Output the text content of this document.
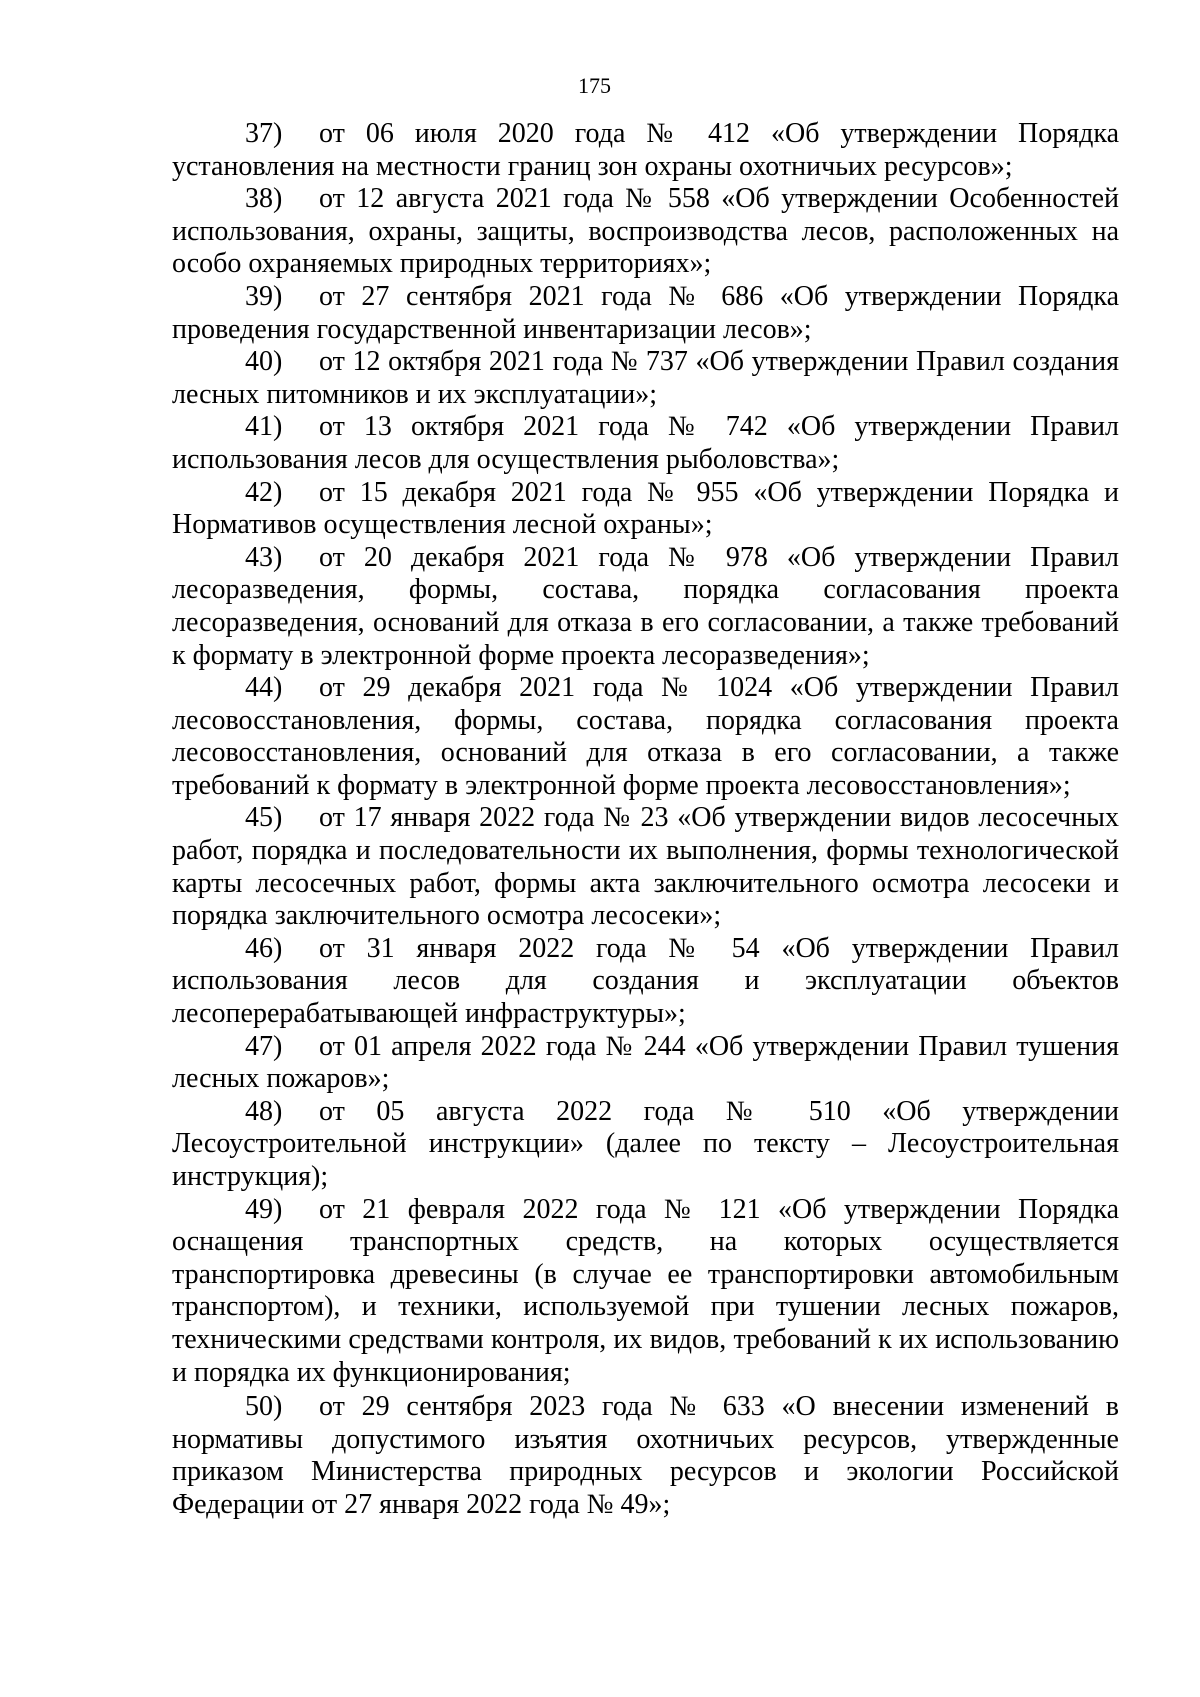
175

37) от 06 июля 2020 года № 412 «Об утверждении Порядка установления на местности границ зон охраны охотничьих ресурсов»;

38) от 12 августа 2021 года № 558 «Об утверждении Особенностей использования, охраны, защиты, воспроизводства лесов, расположенных на особо охраняемых природных территориях»;

39) от 27 сентября 2021 года № 686 «Об утверждении Порядка проведения государственной инвентаризации лесов»;

40) от 12 октября 2021 года № 737 «Об утверждении Правил создания лесных питомников и их эксплуатации»;

41) от 13 октября 2021 года № 742 «Об утверждении Правил использования лесов для осуществления рыболовства»;

42) от 15 декабря 2021 года № 955 «Об утверждении Порядка и Нормативов осуществления лесной охраны»;

43) от 20 декабря 2021 года № 978 «Об утверждении Правил лесоразведения, формы, состава, порядка согласования проекта лесоразведения, оснований для отказа в его согласовании, а также требований к формату в электронной форме проекта лесоразведения»;

44) от 29 декабря 2021 года № 1024 «Об утверждении Правил лесовосстановления, формы, состава, порядка согласования проекта лесовосстановления, оснований для отказа в его согласовании, а также требований к формату в электронной форме проекта лесовосстановления»;

45) от 17 января 2022 года № 23 «Об утверждении видов лесосечных работ, порядка и последовательности их выполнения, формы технологической карты лесосечных работ, формы акта заключительного осмотра лесосеки и порядка заключительного осмотра лесосеки»;

46) от 31 января 2022 года № 54 «Об утверждении Правил использования лесов для создания и эксплуатации объектов лесоперерабатывающей инфраструктуры»;

47) от 01 апреля 2022 года № 244 «Об утверждении Правил тушения лесных пожаров»;

48) от 05 августа 2022 года № 510 «Об утверждении Лесоустроительной инструкции» (далее по тексту – Лесоустроительная инструкция);

49) от 21 февраля 2022 года № 121 «Об утверждении Порядка оснащения транспортных средств, на которых осуществляется транспортировка древесины (в случае ее транспортировки автомобильным транспортом), и техники, используемой при тушении лесных пожаров, техническими средствами контроля, их видов, требований к их использованию и порядка их функционирования;

50) от 29 сентября 2023 года № 633 «О внесении изменений в нормативы допустимого изъятия охотничьих ресурсов, утвержденные приказом Министерства природных ресурсов и экологии Российской Федерации от 27 января 2022 года № 49»;
